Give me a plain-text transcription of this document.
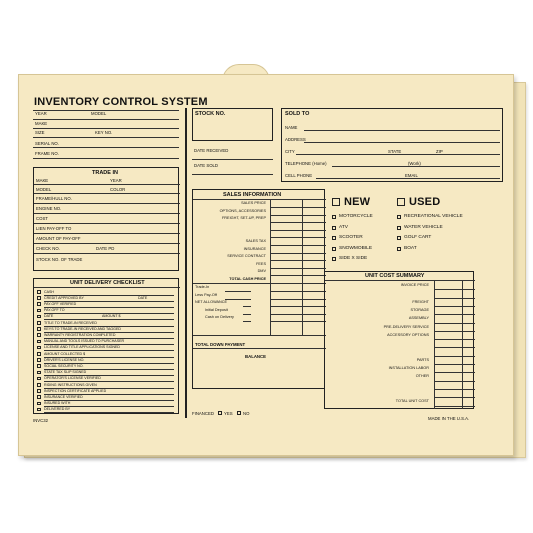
INVENTORY CONTROL SYSTEM
YEAR	MODEL
MAKE
SIZE	KEY NO.
SERIAL NO.
FRAME NO.
TRADE IN
MAKE	YEAR
MODEL	COLOR
FRAME/HULL NO.
ENGINE NO.
COST
LIEN PAY-OFF TO
AMOUNT OF PAY-OFF
CHECK NO.	DATE PD
STOCK NO. OF TRADE
UNIT DELIVERY CHECKLIST
CASH
CREDIT APPROVED BY
PAY-OFF VERIFIED
PAY-OFF TO
DATE
TITLE TO TRADE-IN RECEIVED
KEYS TO TRADE-IN RECEIVED AND TAGGED
WARRANTY REGISTRATION COMPLETED
MANUAL AND TOOLS ISSUED TO PURCHASER
LICENSE AND TITLE APPLICATIONS SIGNED
AMOUNT COLLECTED $
DRIVER'S LICENSE NO.
SOCIAL SECURITY NO.
STATE TAX SLIP SIGNED
OPERATOR'S LICENSE VERIFIED
RIDING INSTRUCTIONS GIVEN
INSPECTION CERTIFICATE APPLIED
INSURANCE VERIFIED
INSURED WITH
DELIVERED BY
DATE
AMOUNT $
INVC32
STOCK NO.
DATE RECEIVED
DATE SOLD
SOLD TO
NAME
ADDRESS
CITY	STATE	ZIP
TELEPHONE (Home)	(Work)
CELL PHONE	EMAIL
SALES INFORMATION
SALES PRICE
OPTIONS, ACCESSORIES
FREIGHT, SET-UP, PREP
SALES TAX
INSURANCE
SERVICE CONTRACT
FEES
DMV
TOTAL CASH PRICE
Trade-In
Less Pay-Off
NET ALLOWANCE
Initial Deposit
Cash on Delivery
TOTAL DOWN PAYMENT
BALANCE
FINANCED YES NO
NEW	USED
MOTORCYCLE
ATV
SCOOTER
SNOWMOBILE
SIDE X SIDE
RECREATIONAL VEHICLE
WATER VEHICLE
GOLF CART
BOAT
UNIT COST SUMMARY
INVOICE PRICE
FREIGHT
STORAGE
ASSEMBLY
PRE-DELIVERY SERVICE
ACCESSORY OPTIONS
PARTS
INSTALLATION LABOR
OTHER
TOTAL UNIT COST
MADE IN THE U.S.A.
